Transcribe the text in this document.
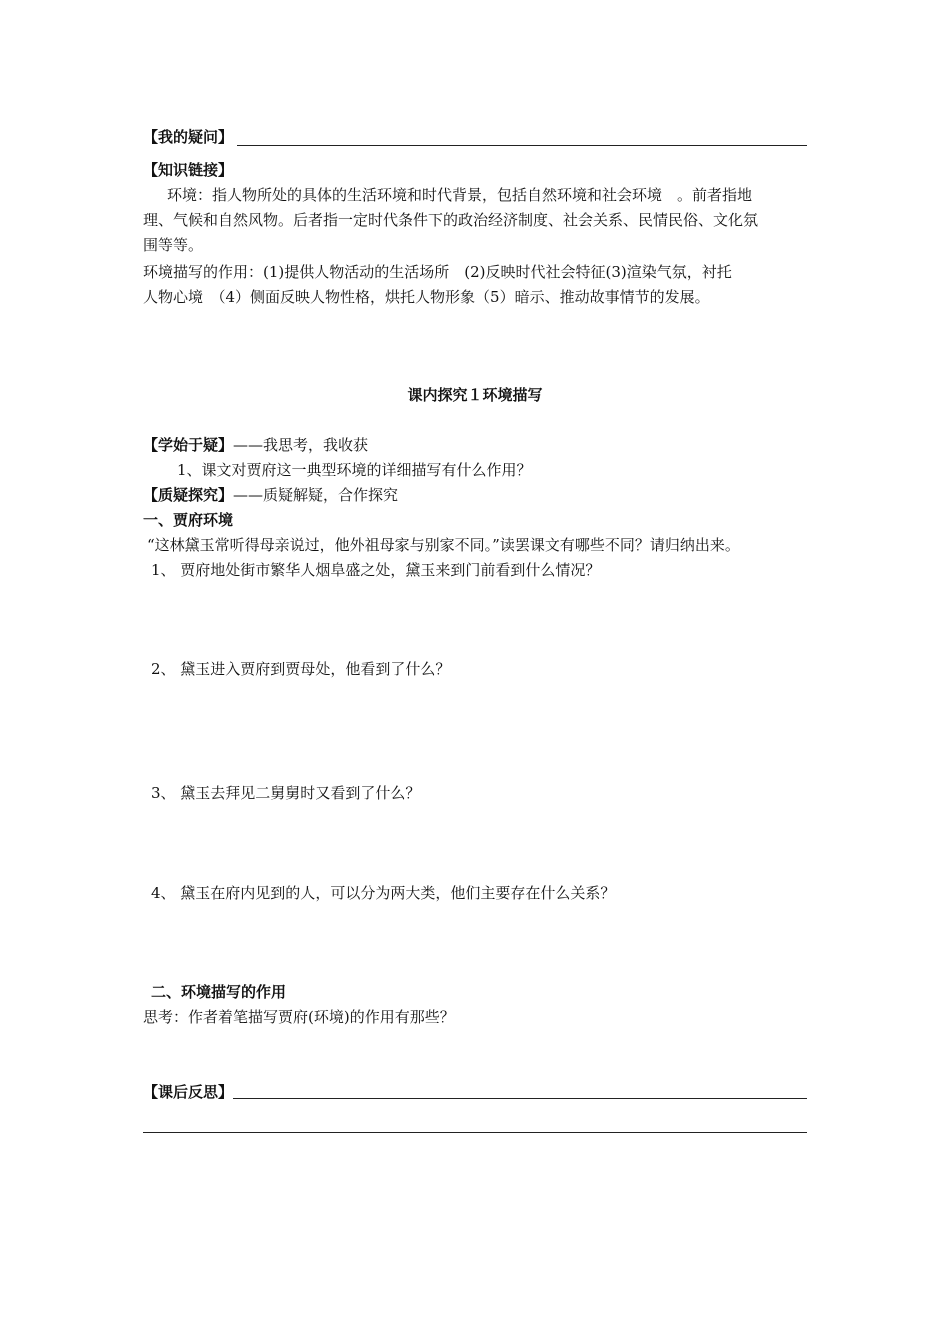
【我的疑问】
【知识链接】
环境：指人物所处的具体的生活环境和时代背景，包括自然环境和社会环境　。前者指地
理、气候和自然风物。后者指一定时代条件下的政治经济制度、社会关系、民情民俗、文化氛
围等等。
环境描写的作用：(1)提供人物活动的生活场所　(2)反映时代社会特征(3)渲染气氛，衬托
人物心境　（4）侧面反映人物性格，烘托人物形象（5）暗示、推动故事情节的发展。
课内探究１环境描写
【学始于疑】——我思考，我收获
1、课文对贾府这一典型环境的详细描写有什么作用？
【质疑探究】——质疑解疑，合作探究
一、贾府环境
“这林黛玉常听得母亲说过，他外祖母家与别家不同。”读罢课文有哪些不同？请归纳出来。
1、 贾府地处街市繁华人烟阜盛之处，黛玉来到门前看到什么情况？
2、 黛玉进入贾府到贾母处，他看到了什么？
3、 黛玉去拜见二舅舅时又看到了什么？
4、 黛玉在府内见到的人，可以分为两大类，他们主要存在什么关系？
二、环境描写的作用
思考：作者着笔描写贾府(环境)的作用有那些？
【课后反思】
